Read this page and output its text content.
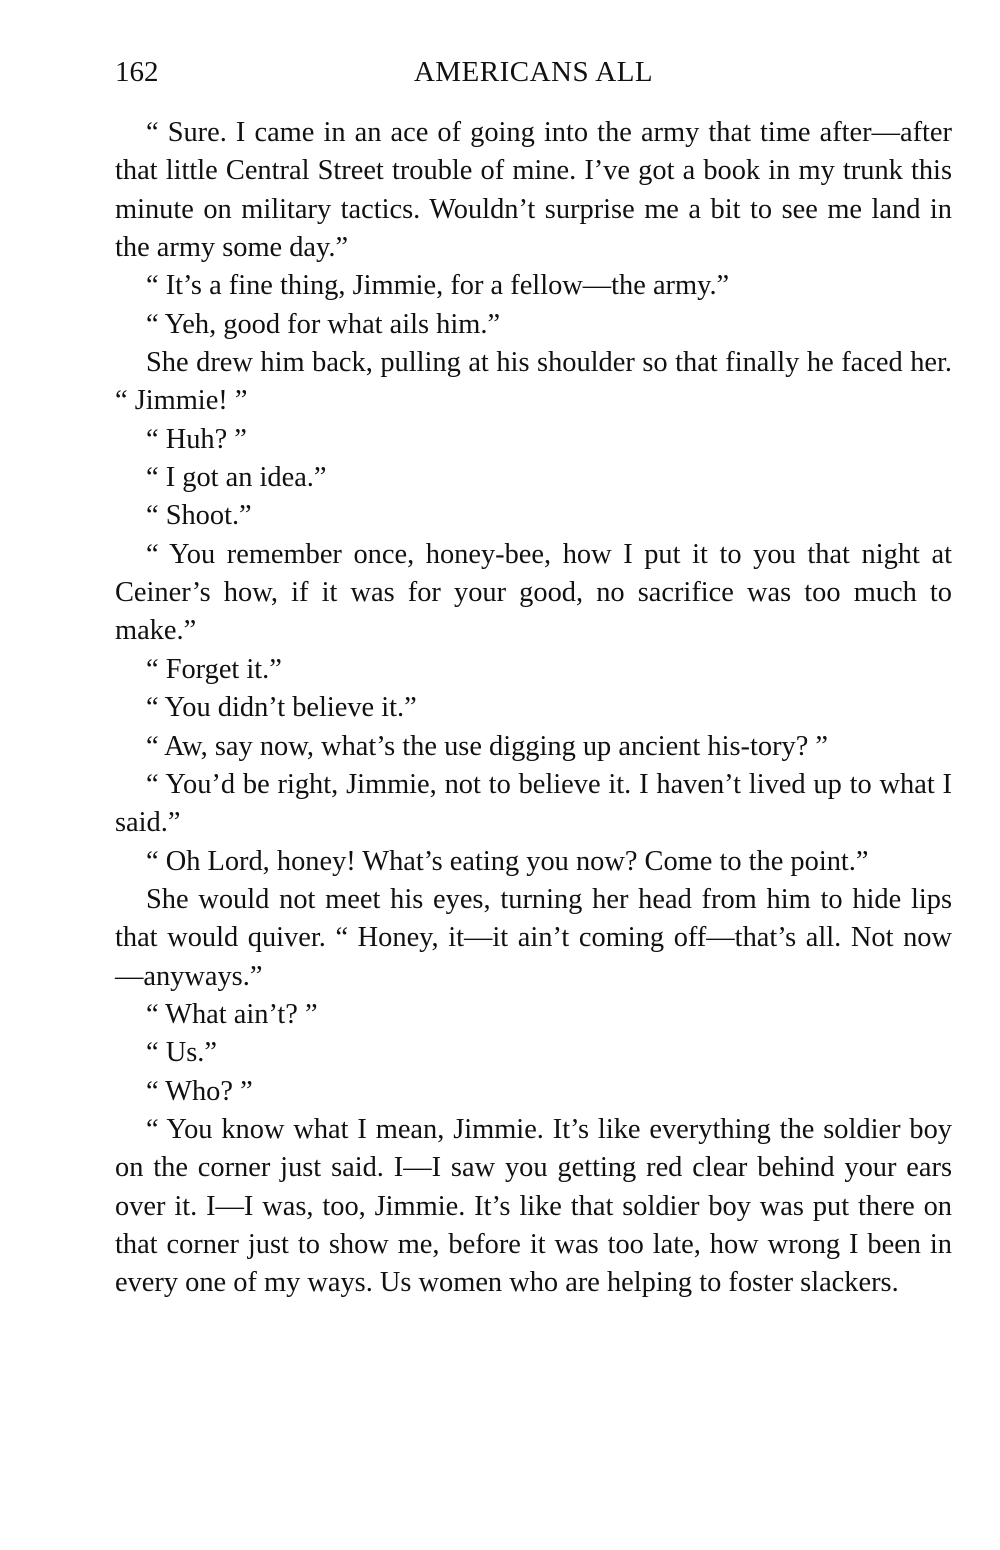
162	AMERICANS ALL

“ Sure. I came in an ace of going into the army that time after—after that little Central Street trouble of mine. I’ve got a book in my trunk this minute on military tactics. Wouldn’t surprise me a bit to see me land in the army some day.”

“ It’s a fine thing, Jimmie, for a fellow—the army.”

“ Yeh, good for what ails him.”

She drew him back, pulling at his shoulder so that finally he faced her. “ Jimmie! ”

“ Huh? ”

“ I got an idea.”

“ Shoot.”

“ You remember once, honey-bee, how I put it to you that night at Ceiner’s how, if it was for your good, no sacrifice was too much to make.”

“ Forget it.”

“ You didn’t believe it.”

“ Aw, say now, what’s the use digging up ancient his-tory? ”

“ You’d be right, Jimmie, not to believe it. I haven’t lived up to what I said.”

“ Oh Lord, honey! What’s eating you now? Come to the point.”

She would not meet his eyes, turning her head from him to hide lips that would quiver. “ Honey, it—it ain’t coming off—that’s all. Not now—anyways.”

“ What ain’t? ”

“ Us.”

“ Who? ”

“ You know what I mean, Jimmie. It’s like everything the soldier boy on the corner just said. I—I saw you getting red clear behind your ears over it. I—I was, too, Jimmie. It’s like that soldier boy was put there on that corner just to show me, before it was too late, how wrong I been in every one of my ways. Us women who are helping to foster slackers.
